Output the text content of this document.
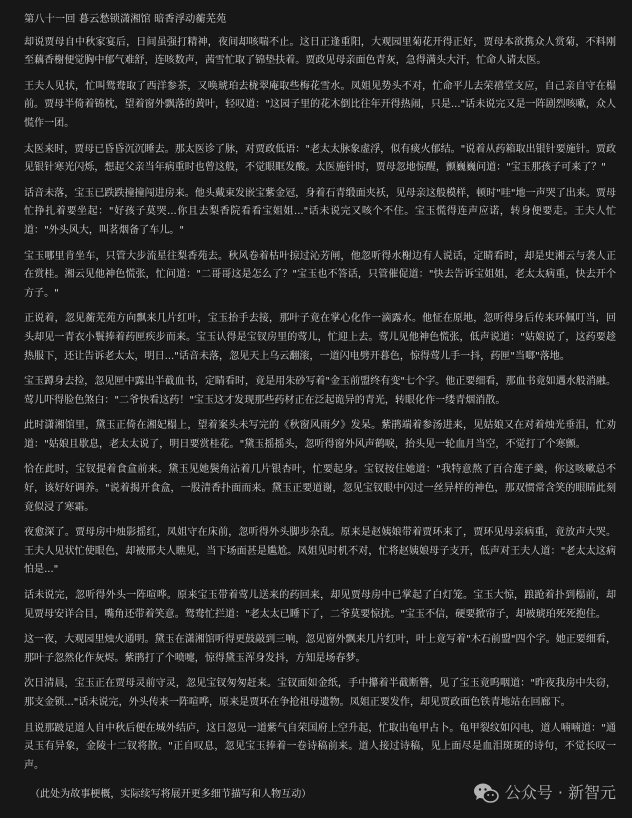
第八十一回 暮云愁锁潇湘馆 暗香浮动蘅芜苑
却说贾母自中秋家宴后，日间虽强打精神，夜间却咳喘不止。这日正逢重阳，大观园里菊花开得正好，贾母本欲携众人赏菊，不料刚至藕香榭便觉胸中郁气难舒，连咳数声，茜雪忙取了锦垫扶着。贾政见母亲面色青灰，急得满头大汗，忙命人请太医。
王夫人见状，忙叫鸳鸯取了西洋参茶，又唤琥珀去栊翠庵取些梅花雪水。凤姐见势头不对，忙命平儿去荣禧堂支应，自己亲自守在榻前。贾母半倚着锦枕，望着窗外飘落的黄叶，轻叹道："这园子里的花木倒比往年开得热闹，只是..."话未说完又是一阵剧烈咳嗽，众人慌作一团。
太医来时，贾母已昏昏沉沉睡去。那太医诊了脉，对贾政低语："老太太脉象虚浮，似有痰火郁结。"说着从药箱取出银针要施针。贾政见银针寒光闪烁，想起父亲当年病重时也曾这般，不觉眼眶发酸。太医施针时，贾母忽地惊醒，颤巍巍问道："宝玉那孩子可来了？"
话音未落，宝玉已跌跌撞撞闯进房来。他头戴束发嵌宝紫金冠，身着石青缎面夹袄，见母亲这般模样，顿时"哇"地一声哭了出来。贾母忙挣扎着要坐起："好孩子莫哭...你且去梨香院看看宝姐姐..."话未说完又咳个不住。宝玉慌得连声应诺，转身便要走。王夫人忙道："外头风大，叫茗烟备了车儿。"
宝玉哪里肯坐车，只管大步流星往梨香苑去。秋风卷着枯叶掠过沁芳闸，他忽听得水榭边有人说话，定睛看时，却是史湘云与袭人正在赏桂。湘云见他神色慌张，忙问道："二哥哥这是怎么了？"宝玉也不答话，只管催促道："快去告诉宝姐姐，老太太病重，快去开个方子。"
正说着，忽见蘅芜苑方向飘来几片红叶，宝玉抬手去接，那叶子竟在掌心化作一滴露水。他怔在原地，忽听得身后传来环佩叮当，回头却见一青衣小鬟捧着药匣疾步而来。宝玉认得是宝钗房里的莺儿，忙迎上去。莺儿见他神色慌张，低声说道："姑娘说了，这药要趁热服下，还让告诉老太太，明日..."话音未落，忽见天上乌云翻滚，一道闪电劈开暮色，惊得莺儿手一抖，药匣"当啷"落地。
宝玉蹲身去捡，忽见匣中露出半截血书，定睛看时，竟是用朱砂写着"金玉前盟终有变"七个字。他正要细看，那血书竟如遇水般消融。莺儿吓得脸色煞白："二爷快看这药！"宝玉这才发现那些药材正在泛起诡异的青光，转眼化作一缕青烟消散。
此时潇湘馆里，黛玉正倚在湘妃榻上，望着案头未写完的《秋窗风雨夕》发呆。紫鹃端着参汤进来，见姑娘又在对着烛光垂泪，忙劝道："姑娘且歇息，老太太说了，明日要赏桂花。"黛玉摇摇头，忽听得窗外风声鹤唳，抬头见一轮血月当空，不觉打了个寒颤。
恰在此时，宝钗提着食盒前来。黛玉见她鬓角沾着几片银杏叶，忙要起身。宝钗按住她道："我特意熬了百合莲子羹，你这咳嗽总不好，该好好调养。"说着揭开食盒，一股清香扑面而来。黛玉正要道谢，忽见宝钗眼中闪过一丝异样的神色，那双惯常含笑的眼睛此刻竟似浸了寒霜。
夜愈深了。贾母房中烛影摇红，凤姐守在床前，忽听得外头脚步杂乱。原来是赵姨娘带着贾环来了，贾环见母亲病重，竟放声大哭。王夫人见状忙使眼色，却被邢夫人瞧见，当下场面甚是尴尬。凤姐见时机不对，忙将赵姨娘母子支开，低声对王夫人道："老太太这病怕是..."
话未说完，忽听得外头一阵喧哗。原来宝玉带着莺儿送来的药回来，却见贾母房中已掌起了白灯笼。宝玉大惊，踉跄着扑到榻前，却见贾母安详合目，嘴角还带着笑意。鸳鸯忙拦道："老太太已睡下了，二爷莫要惊扰。"宝玉不信，硬要掀帘子，却被琥珀死死抱住。
这一夜，大观园里烛火通明。黛玉在潇湘馆听得更鼓敲到三响，忽见窗外飘来几片红叶，叶上竟写着"木石前盟"四个字。她正要细看，那叶子忽然化作灰烬。紫鹃打了个喷嚏，惊得黛玉浑身发抖，方知是场春梦。
次日清晨，宝玉正在贾母灵前守灵，忽见宝钗匆匆赶来。宝钗面如金纸，手中攥着半截断簪，见了宝玉竟呜咽道："昨夜我房中失窃，那支金锁..."话未说完，外头传来一阵喧哗，原来是贾环在争抢祖母遗物。凤姐正要发作，却见贾政面色铁青地站在回廊下。
且说那跛足道人自中秋后便在城外结庐，这日忽见一道紫气自荣国府上空升起，忙取出龟甲占卜。龟甲裂纹如闪电，道人喃喃道："通灵玉有异象，金陵十二钗将散。"正自叹息，忽见宝玉捧着一卷诗稿前来。道人接过诗稿，见上面尽是血泪斑斑的诗句，不觉长叹一声。
（此处为故事梗概，实际续写将展开更多细节描写和人物互动）	公众号 · 新智元
